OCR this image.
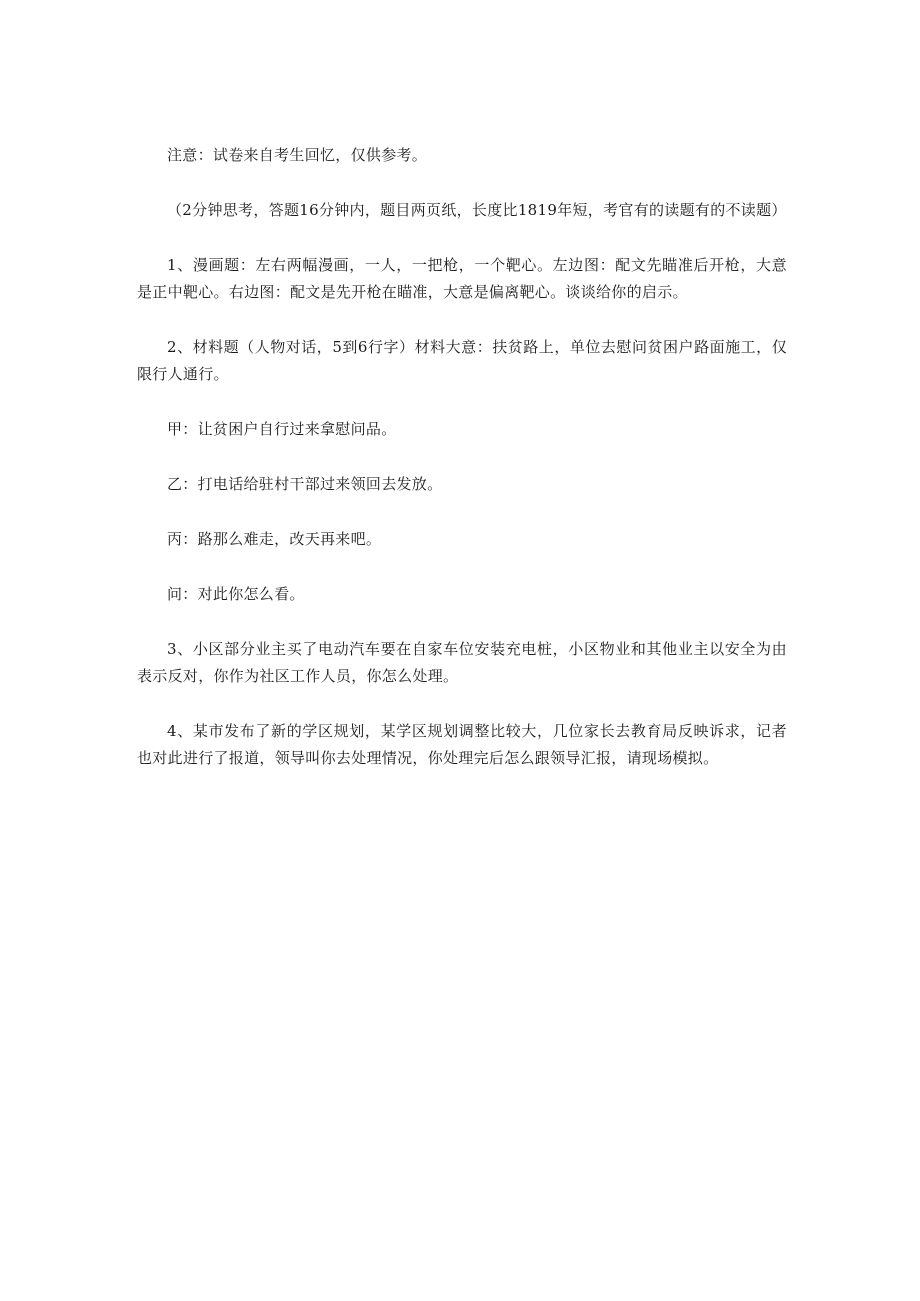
注意：试卷来自考生回忆，仅供参考。

（2分钟思考，答题16分钟内，题目两页纸，长度比1819年短，考官有的读题有的不读题）

1、漫画题：左右两幅漫画，一人，一把枪，一个靶心。左边图：配文先瞄准后开枪，大意是正中靶心。右边图：配文是先开枪在瞄准，大意是偏离靶心。谈谈给你的启示。

2、材料题（人物对话，5到6行字）材料大意：扶贫路上，单位去慰问贫困户路面施工，仅限行人通行。

甲：让贫困户自行过来拿慰问品。

乙：打电话给驻村干部过来领回去发放。

丙：路那么难走，改天再来吧。

问：对此你怎么看。

3、小区部分业主买了电动汽车要在自家车位安装充电桩，小区物业和其他业主以安全为由表示反对，你作为社区工作人员，你怎么处理。

4、某市发布了新的学区规划，某学区规划调整比较大，几位家长去教育局反映诉求，记者也对此进行了报道，领导叫你去处理情况，你处理完后怎么跟领导汇报，请现场模拟。
